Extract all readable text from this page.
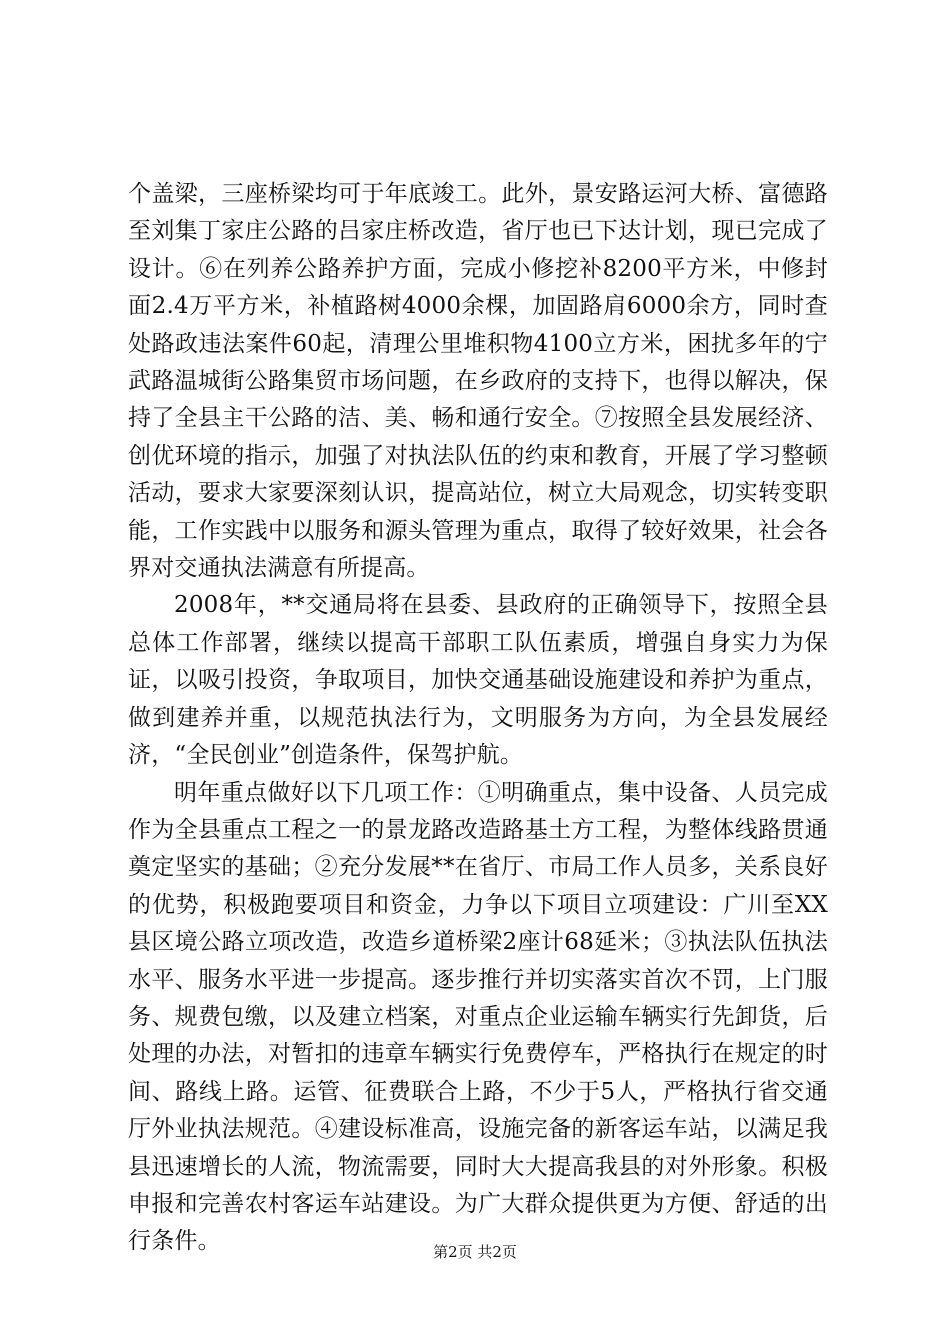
个盖梁，三座桥梁均可于年底竣工。此外，景安路运河大桥、富德路至刘集丁家庄公路的吕家庄桥改造，省厅也已下达计划，现已完成了设计。⑥在列养公路养护方面，完成小修挖补8200平方米，中修封面2.4万平方米，补植路树4000余棵，加固路肩6000余方，同时查处路政违法案件60起，清理公里堆积物4100立方米，困扰多年的宁武路温城街公路集贸市场问题，在乡政府的支持下，也得以解决，保持了全县主干公路的洁、美、畅和通行安全。⑦按照全县发展经济、创优环境的指示，加强了对执法队伍的约束和教育，开展了学习整顿活动，要求大家要深刻认识，提高站位，树立大局观念，切实转变职能，工作实践中以服务和源头管理为重点，取得了较好效果，社会各界对交通执法满意有所提高。

2008年，**交通局将在县委、县政府的正确领导下，按照全县总体工作部署，继续以提高干部职工队伍素质，增强自身实力为保证，以吸引投资，争取项目，加快交通基础设施建设和养护为重点，做到建养并重，以规范执法行为，文明服务为方向，为全县发展经济，“全民创业”创造条件，保驾护航。

明年重点做好以下几项工作：①明确重点，集中设备、人员完成作为全县重点工程之一的景龙路改造路基土方工程，为整体线路贯通奠定坚实的基础；②充分发展**在省厅、市局工作人员多，关系良好的优势，积极跑要项目和资金，力争以下项目立项建设：广川至XX县区境公路立项改造，改造乡道桥梁2座计68延米；③执法队伍执法水平、服务水平进一步提高。逐步推行并切实落实首次不罚，上门服务、规费包缴，以及建立档案，对重点企业运输车辆实行先卸货，后处理的办法，对暂扣的违章车辆实行免费停车，严格执行在规定的时间、路线上路。运管、征费联合上路，不少于5人，严格执行省交通厅外业执法规范。④建设标准高，设施完备的新客运车站，以满足我县迅速增长的人流，物流需要，同时大大提高我县的对外形象。积极申报和完善农村客运车站建设。为广大群众提供更为方便、舒适的出行条件。	第2页 共2页
